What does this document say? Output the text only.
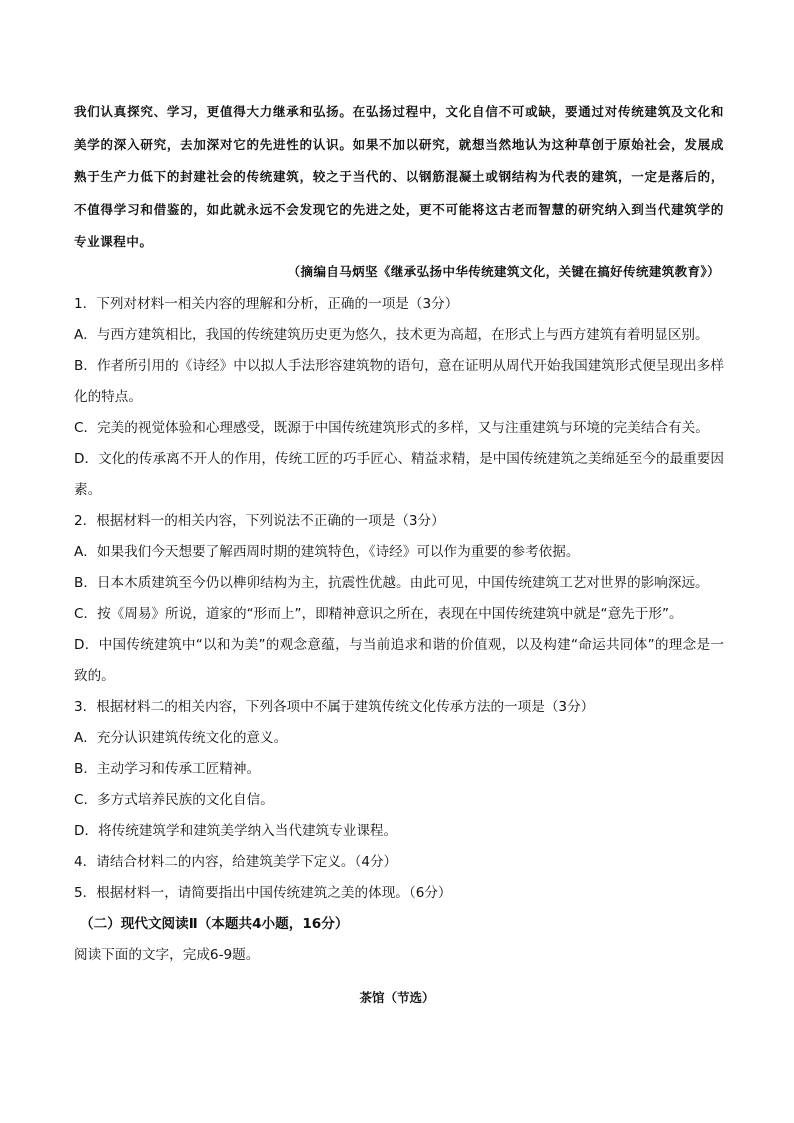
我们认真探究、学习，更值得大力继承和弘扬。在弘扬过程中，文化自信不可或缺，要通过对传统建筑及文化和美学的深入研究，去加深对它的先进性的认识。如果不加以研究，就想当然地认为这种草创于原始社会，发展成熟于生产力低下的封建社会的传统建筑，较之于当代的、以钢筋混凝土或钢结构为代表的建筑，一定是落后的，不值得学习和借鉴的，如此就永远不会发现它的先进之处，更不可能将这古老而智慧的研究纳入到当代建筑学的专业课程中。

（摘编自马炳坚《继承弘扬中华传统建筑文化，关键在搞好传统建筑教育》）
1．下列对材料一相关内容的理解和分析，正确的一项是（3分）
A．与西方建筑相比，我国的传统建筑历史更为悠久，技术更为高超，在形式上与西方建筑有着明显区别。
B．作者所引用的《诗经》中以拟人手法形容建筑物的语句，意在证明从周代开始我国建筑形式便呈现出多样化的特点。
C．完美的视觉体验和心理感受，既源于中国传统建筑形式的多样，又与注重建筑与环境的完美结合有关。
D．文化的传承离不开人的作用，传统工匠的巧手匠心、精益求精，是中国传统建筑之美绵延至今的最重要因素。
2．根据材料一的相关内容，下列说法不正确的一项是（3分）
A．如果我们今天想要了解西周时期的建筑特色，《诗经》可以作为重要的参考依据。
B．日本木质建筑至今仍以榫卯结构为主，抗震性优越。由此可见，中国传统建筑工艺对世界的影响深远。
C．按《周易》所说，道家的“形而上”，即精神意识之所在，表现在中国传统建筑中就是“意先于形”。
D．中国传统建筑中“以和为美”的观念意蕴，与当前追求和谐的价值观，以及构建“命运共同体”的理念是一致的。
3．根据材料二的相关内容，下列各项中不属于建筑传统文化传承方法的一项是（3分）
A．充分认识建筑传统文化的意义。
B．主动学习和传承工匠精神。
C．多方式培养民族的文化自信。
D．将传统建筑学和建筑美学纳入当代建筑专业课程。
4．请结合材料二的内容，给建筑美学下定义。（4分）
5．根据材料一，请简要指出中国传统建筑之美的体现。（6分）
（二）现代文阅读Ⅱ（本题共4小题，16分）
阅读下面的文字，完成6-9题。
茶馆（节选）
